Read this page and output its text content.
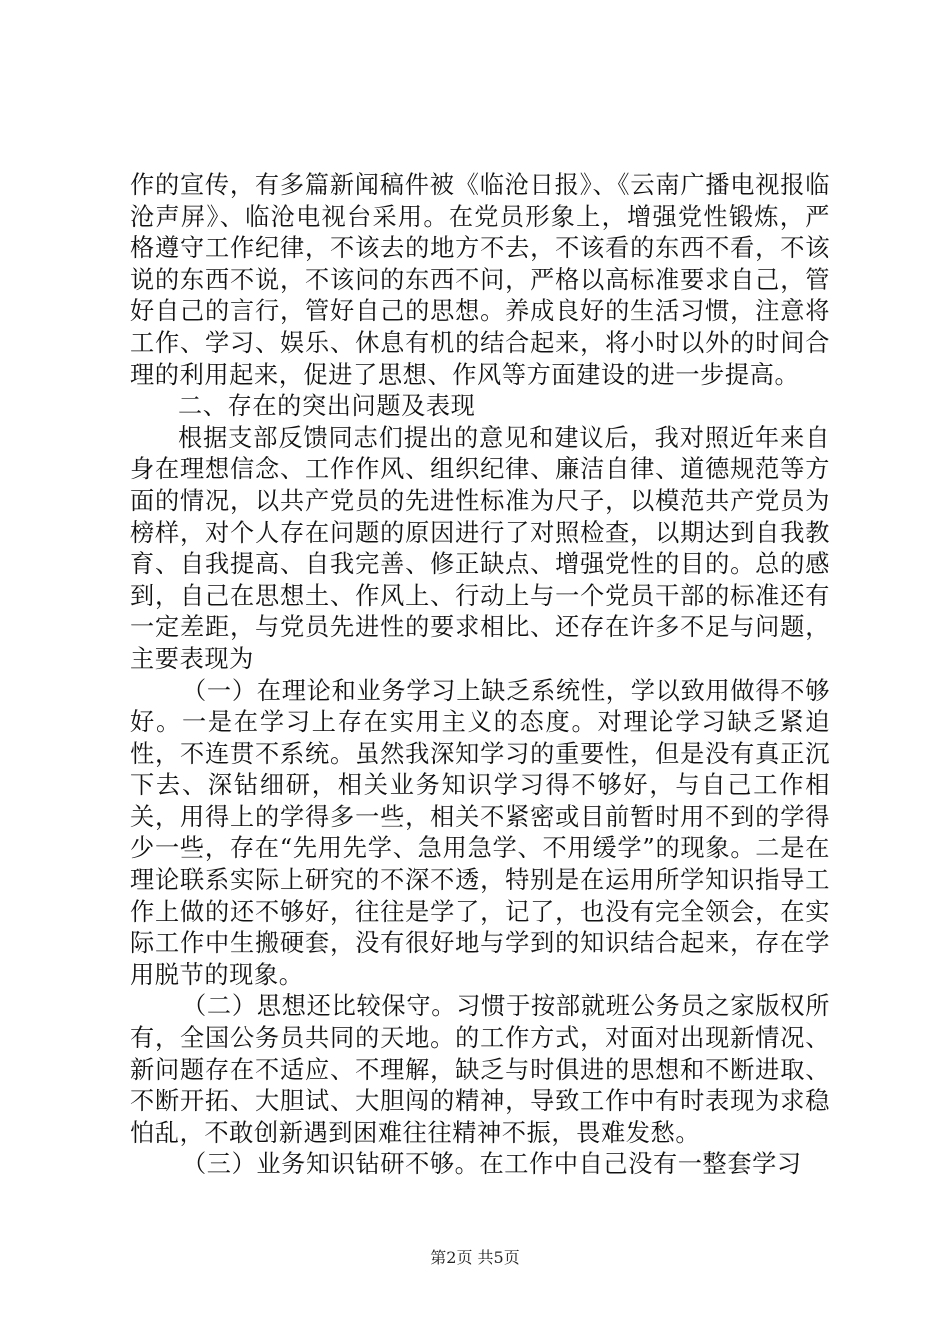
作的宣传，有多篇新闻稿件被《临沧日报》、《云南广播电视报临沧声屏》、临沧电视台采用。在党员形象上，增强党性锻炼，严格遵守工作纪律，不该去的地方不去，不该看的东西不看，不该说的东西不说，不该问的东西不问，严格以高标准要求自己，管好自己的言行，管好自己的思想。养成良好的生活习惯，注意将工作、学习、娱乐、休息有机的结合起来，将小时以外的时间合理的利用起来，促进了思想、作风等方面建设的进一步提高。

二、存在的突出问题及表现

根据支部反馈同志们提出的意见和建议后，我对照近年来自身在理想信念、工作作风、组织纪律、廉洁自律、道德规范等方面的情况，以共产党员的先进性标准为尺子，以模范共产党员为榜样，对个人存在问题的原因进行了对照检查，以期达到自我教育、自我提高、自我完善、修正缺点、增强党性的目的。总的感到，自己在思想土、作风上、行动上与一个党员干部的标准还有一定差距，与党员先进性的要求相比、还存在许多不足与问题，主要表现为

（一）在理论和业务学习上缺乏系统性，学以致用做得不够好。一是在学习上存在实用主义的态度。对理论学习缺乏紧迫性，不连贯不系统。虽然我深知学习的重要性，但是没有真正沉下去、深钻细研，相关业务知识学习得不够好，与自己工作相关，用得上的学得多一些，相关不紧密或目前暂时用不到的学得少一些，存在“先用先学、急用急学、不用缓学”的现象。二是在理论联系实际上研究的不深不透，特别是在运用所学知识指导工作上做的还不够好，往往是学了，记了，也没有完全领会，在实际工作中生搬硬套，没有很好地与学到的知识结合起来，存在学用脱节的现象。

（二）思想还比较保守。习惯于按部就班公务员之家版权所有，全国公务员共同的天地。的工作方式，对面对出现新情况、新问题存在不适应、不理解，缺乏与时俱进的思想和不断进取、不断开拓、大胆试、大胆闯的精神，导致工作中有时表现为求稳怕乱，不敢创新遇到困难往往精神不振，畏难发愁。

（三）业务知识钻研不够。在工作中自己没有一整套学习

第2页 共5页
